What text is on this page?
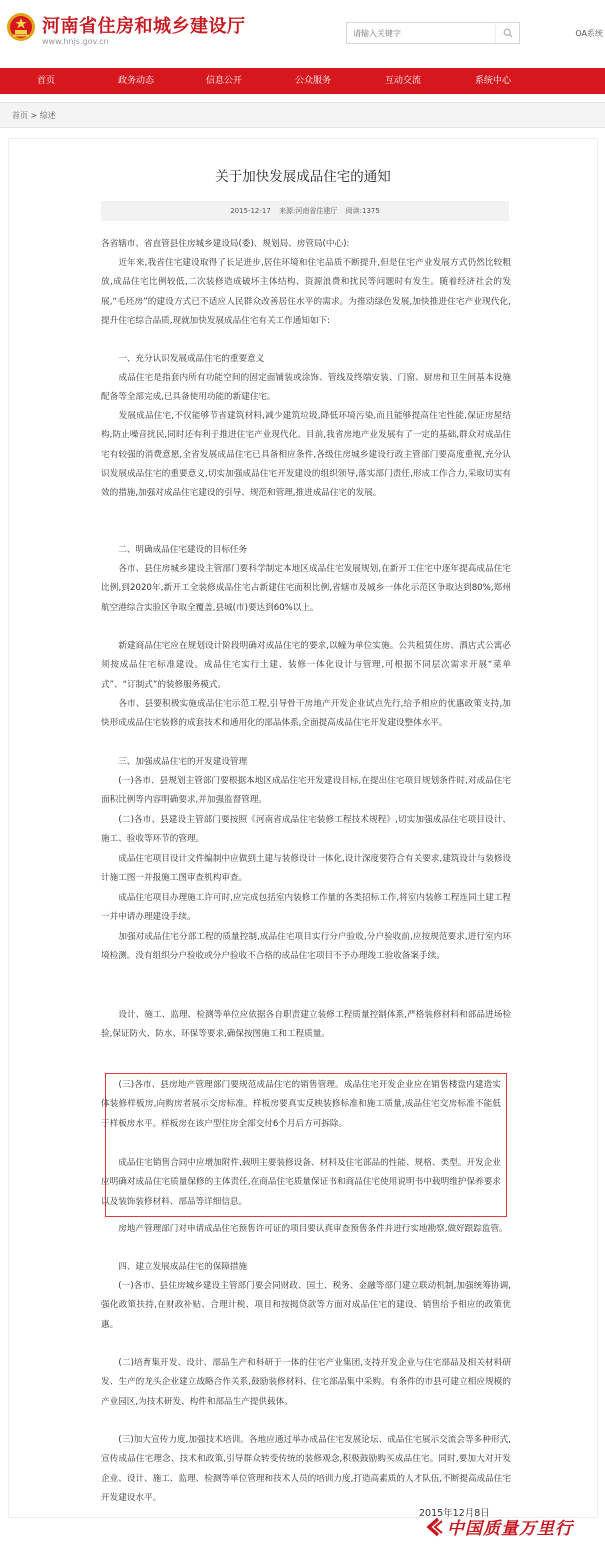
河南省住房和城乡建设厅
www.hnjs.gov.cn
请输入关键字
OA系统
首页	政务动态	信息公开	公众服务	互动交流	系统中心
首页 > 综述
关于加快发展成品住宅的通知
2015-12-17 来源:河南省住建厅 阅读:1375
各省辖市、省直管县住房城乡建设局(委)、规划局、房管局(中心):
　　近年来,我省住宅建设取得了长足进步,居住环境和住宅品质不断提升,但是住宅产业发展方式仍然比较粗放,成品住宅比例较低,二次装修造成破坏主体结构、资源浪费和扰民等问题时有发生。随着经济社会的发展,“毛坯房”的建设方式已不适应人民群众改善居住水平的需求。为推动绿色发展,加快推进住宅产业现代化,提升住宅综合品质,现就加快发展成品住宅有关工作通知如下:
　　一、充分认识发展成品住宅的重要意义
　　成品住宅是指套内所有功能空间的固定面铺装或涂饰、管线及终端安装、门窗、厨房和卫生间基本设施配备等全部完成,已具备使用功能的新建住宅。
　　发展成品住宅,不仅能够节省建筑材料,减少建筑垃圾,降低环境污染,而且能够提高住宅性能,保证房屋结构,防止噪音扰民,同时还有利于推进住宅产业现代化。目前,我省房地产业发展有了一定的基础,群众对成品住宅有较强的消费意愿,全省发展成品住宅已具备相应条件,各级住房城乡建设行政主管部门要高度重视,充分认识发展成品住宅的重要意义,切实加强成品住宅开发建设的组织领导,落实部门责任,形成工作合力,采取切实有效的措施,加强对成品住宅建设的引导、规范和管理,推进成品住宅的发展。
　　二、明确成品住宅建设的目标任务
　　各市、县住房城乡建设主管部门要科学制定本地区成品住宅发展规划,在新开工住宅中逐年提高成品住宅比例,到2020年,新开工全装修成品住宅占新建住宅面积比例,省辖市及城乡一体化示范区争取达到80%,郑州航空港综合实验区争取全覆盖,县城(市)要达到60%以上。
　　新建商品住宅应在规划设计阶段明确对成品住宅的要求,以幢为单位实施。公共租赁住房、酒店式公寓必须按成品住宅标准建设。成品住宅实行土建、装修一体化设计与管理,可根据不同层次需求开展“菜单式”、“订制式”的装修服务模式。
　　各市、县要积极实施成品住宅示范工程,引导骨干房地产开发企业试点先行,给予相应的优惠政策支持,加快形成成品住宅装修的成套技术和通用化的部品体系,全面提高成品住宅开发建设整体水平。
　　三、加强成品住宅的开发建设管理
　　(一)各市、县规划主管部门要根据本地区成品住宅开发建设目标,在提出住宅项目规划条件时,对成品住宅面积比例等内容明确要求,并加强监督管理。
　　(二)各市、县建设主管部门要按照《河南省成品住宅装修工程技术规程》,切实加强成品住宅项目设计、施工、验收等环节的管理。
　　成品住宅项目设计文件编制中应做到土建与装修设计一体化,设计深度要符合有关要求,建筑设计与装修设计施工图一并报施工图审查机构审查。
　　成品住宅项目办理施工许可时,应完成包括室内装修工作量的各类招标工作,将室内装修工程连同土建工程一并申请办理建设手续。
　　加强对成品住宅分部工程的质量控制,成品住宅项目实行分户验收,分户验收前,应按规范要求,进行室内环境检测。没有组织分户验收或分户验收不合格的成品住宅项目不予办理竣工验收备案手续。
　　设计、施工、监理、检测等单位应依据各自职责建立装修工程质量控制体系,严格装修材料和部品进场检验,保证防火、防水、环保等要求,确保按图施工和工程质量。
　　(三)各市、县房地产管理部门要规范成品住宅的销售管理。成品住宅开发企业应在销售楼盘内建造实体装修样板房,向购房者展示交房标准。样板房要真实反映装修标准和施工质量,成品住宅交房标准不能低于样板房水平。样板房在该户型住房全部交付6个月后方可拆除。
　　成品住宅销售合同中应增加附件,载明主要装修设备、材料及住宅部品的性能、规格、类型。开发企业应明确对成品住宅质量保修的主体责任,在商品住宅质量保证书和商品住宅使用说明书中载明维护保养要求以及装饰装修材料、部品等详细信息。
　　房地产管理部门对申请成品住宅预售许可证的项目要认真审查预售条件并进行实地勘察,做好跟踪监管。
　　四、建立发展成品住宅的保障措施
　　(一)各市、县住房城乡建设主管部门要会同财政、国土、税务、金融等部门建立联动机制,加强统筹协调,强化政策扶持,在财政补贴、合理计税、项目和按揭贷款等方面对成品住宅的建设、销售给予相应的政策优惠。
　　(二)培育集开发、设计、部品生产和科研于一体的住宅产业集团,支持开发企业与住宅部品及相关材料研发、生产的龙头企业建立战略合作关系,鼓励装修材料、住宅部品集中采购。有条件的市县可建立相应规模的产业园区,为技术研发、构件和部品生产提供载体。
　　(三)加大宣传力度,加强技术培训。各地应通过举办成品住宅发展论坛、成品住宅展示交流会等多种形式,宣传成品住宅理念、技术和政策,引导群众转变传统的装修观念,积极鼓励购买成品住宅。同时,要加大对开发企业、设计、施工、监理、检测等单位管理和技术人员的培训力度,打造高素质的人才队伍,不断提高成品住宅开发建设水平。
2015年12月8日
中国质量万里行
